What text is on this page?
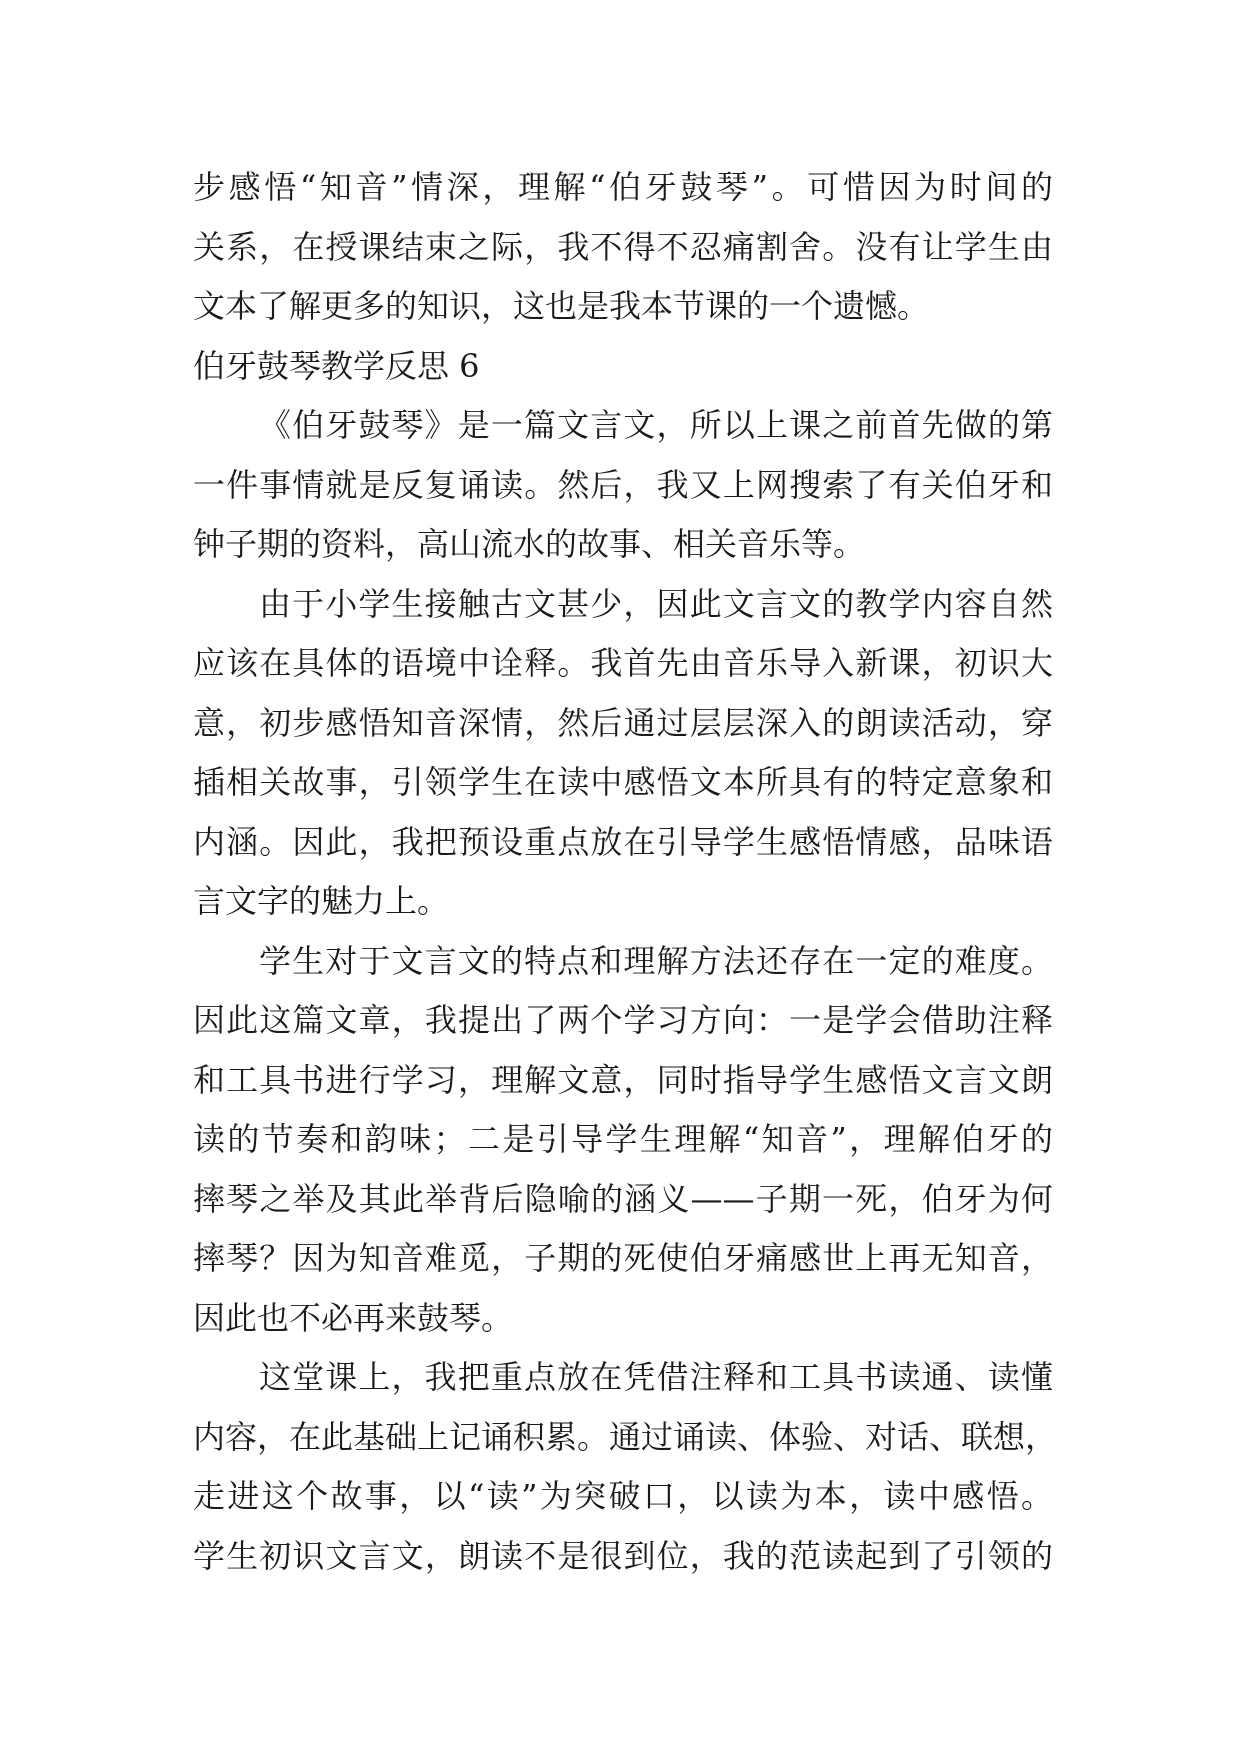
步感悟“知音”情深，理解“伯牙鼓琴”。可惜因为时间的
关系，在授课结束之际，我不得不忍痛割舍。没有让学生由
文本了解更多的知识，这也是我本节课的一个遗憾。
伯牙鼓琴教学反思 6
《伯牙鼓琴》是一篇文言文，所以上课之前首先做的第
一件事情就是反复诵读。然后，我又上网搜索了有关伯牙和
钟子期的资料，高山流水的故事、相关音乐等。
由于小学生接触古文甚少，因此文言文的教学内容自然
应该在具体的语境中诠释。我首先由音乐导入新课，初识大
意，初步感悟知音深情，然后通过层层深入的朗读活动，穿
插相关故事，引领学生在读中感悟文本所具有的特定意象和
内涵。因此，我把预设重点放在引导学生感悟情感，品味语
言文字的魅力上。
学生对于文言文的特点和理解方法还存在一定的难度。
因此这篇文章，我提出了两个学习方向：一是学会借助注释
和工具书进行学习，理解文意，同时指导学生感悟文言文朗
读的节奏和韵味；二是引导学生理解“知音”，理解伯牙的
摔琴之举及其此举背后隐喻的涵义——子期一死，伯牙为何
摔琴？因为知音难觅，子期的死使伯牙痛感世上再无知音，
因此也不必再来鼓琴。
这堂课上，我把重点放在凭借注释和工具书读通、读懂
内容，在此基础上记诵积累。通过诵读、体验、对话、联想，
走进这个故事，以“读”为突破口，以读为本，读中感悟。
学生初识文言文，朗读不是很到位，我的范读起到了引领的
